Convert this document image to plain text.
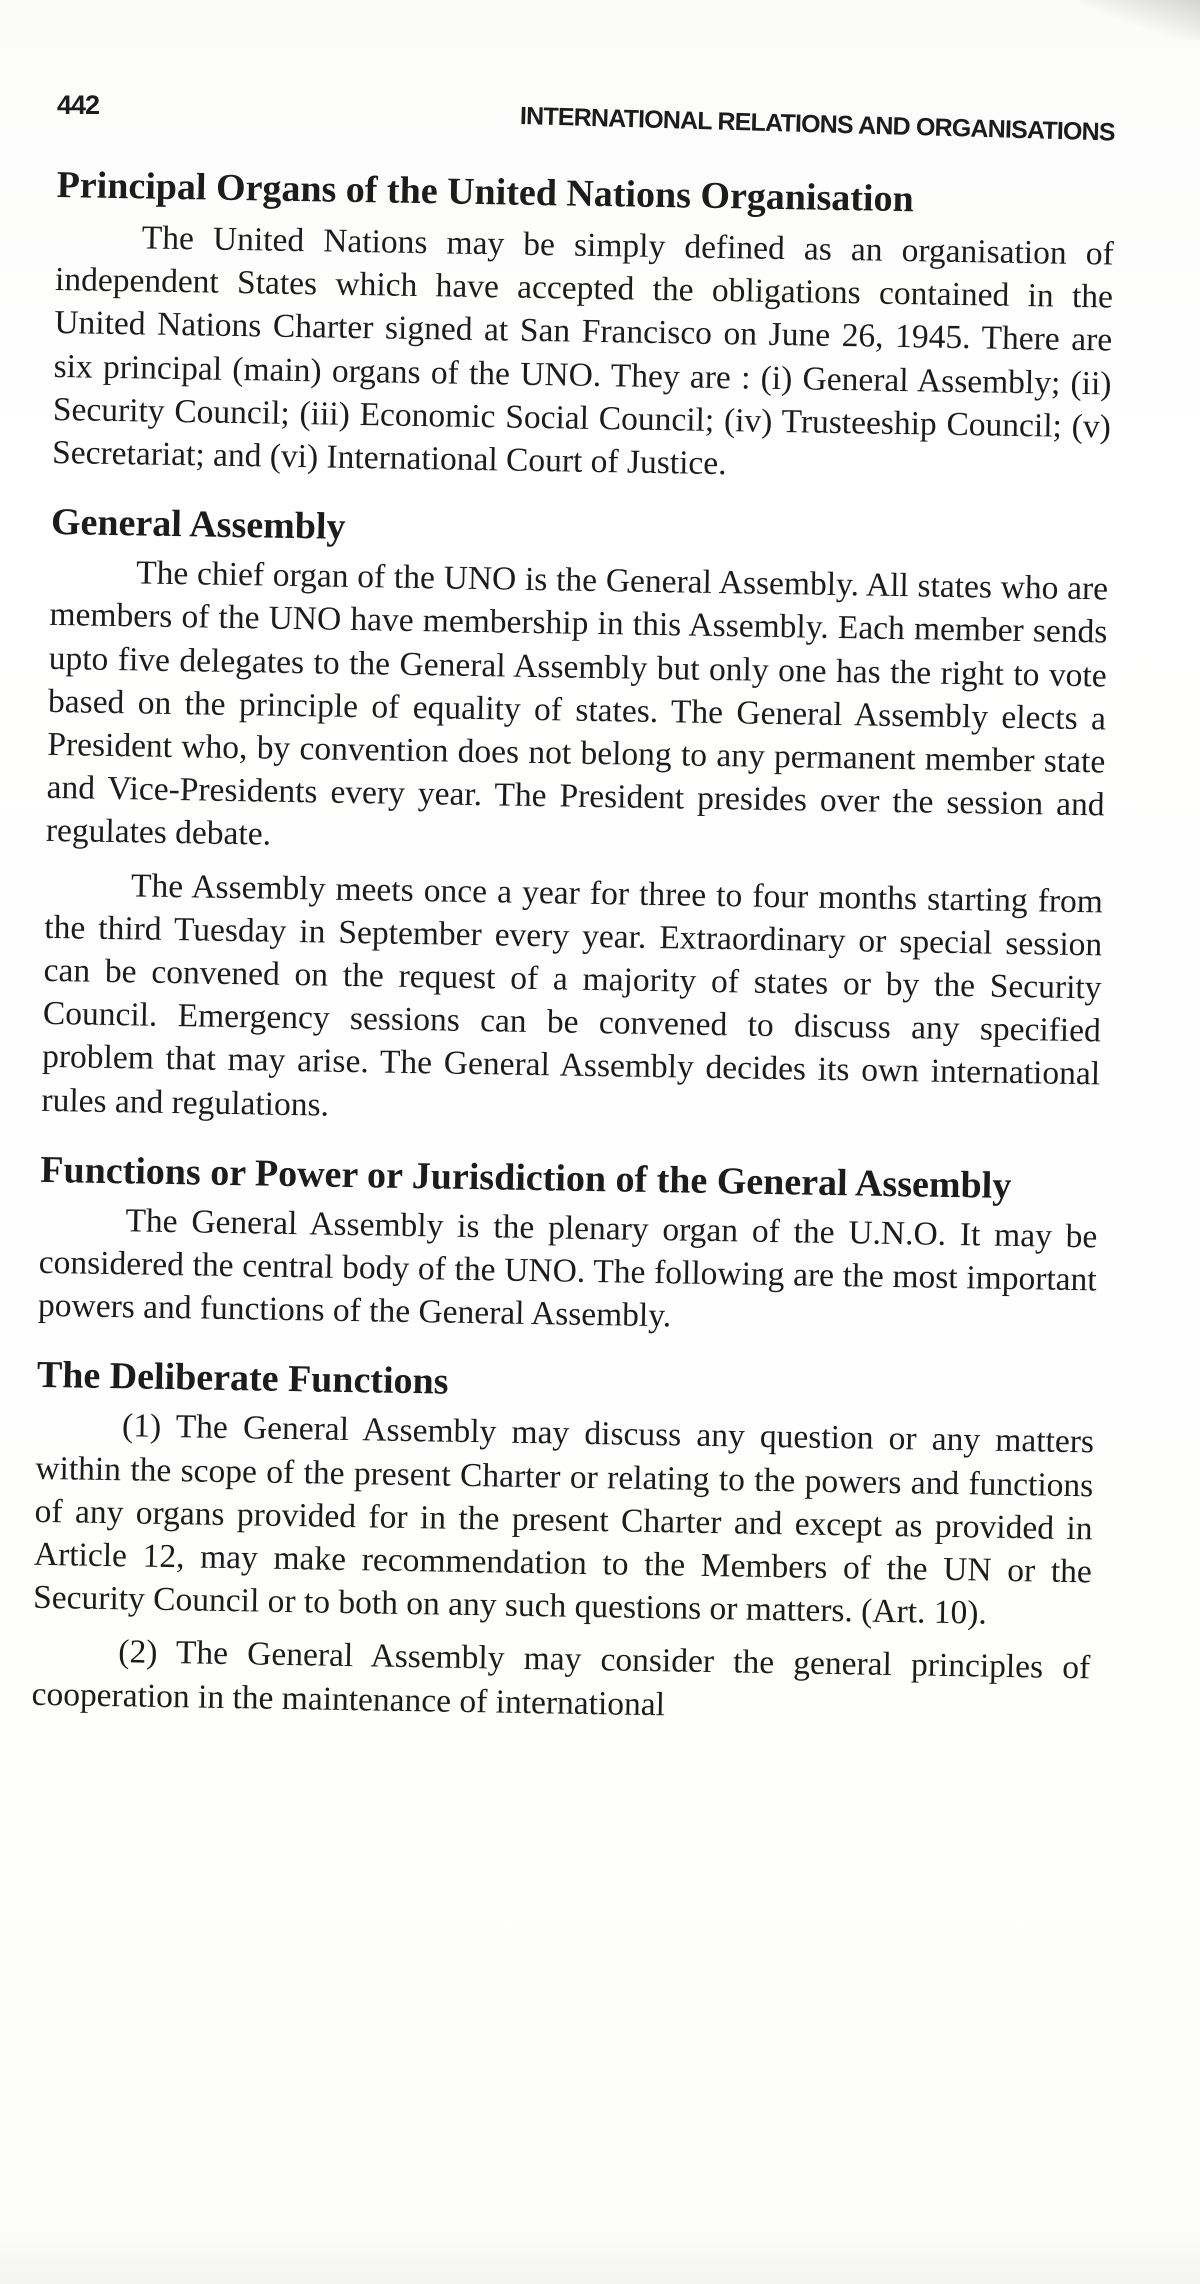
442	INTERNATIONAL RELATIONS AND ORGANISATIONS
Principal Organs of the United Nations Organisation

The United Nations may be simply defined as an organisation of independent States which have accepted the obligations contained in the United Nations Charter signed at San Francisco on June 26, 1945. There are six principal (main) organs of the UNO. They are : (i) General Assembly; (ii) Security Council; (iii) Economic Social Council; (iv) Trusteeship Council; (v) Secretariat; and (vi) International Court of Justice.

General Assembly

The chief organ of the UNO is the General Assembly. All states who are members of the UNO have membership in this Assembly. Each member sends upto five delegates to the General Assembly but only one has the right to vote based on the principle of equality of states. The General Assembly elects a President who, by convention does not belong to any permanent member state and Vice-Presidents every year. The President presides over the session and regulates debate.

The Assembly meets once a year for three to four months starting from the third Tuesday in September every year. Extraordinary or special session can be convened on the request of a majority of states or by the Security Council. Emergency sessions can be convened to discuss any specified problem that may arise. The General Assembly decides its own international rules and regulations.

Functions or Power or Jurisdiction of the General Assembly

The General Assembly is the plenary organ of the U.N.O. It may be considered the central body of the UNO. The following are the most important powers and functions of the General Assembly.

The Deliberate Functions

(1) The General Assembly may discuss any question or any matters within the scope of the present Charter or relating to the powers and functions of any organs provided for in the present Charter and except as provided in Article 12, may make recommendation to the Members of the UN or the Security Council or to both on any such questions or matters. (Art. 10).

(2) The General Assembly may consider the general principles of cooperation in the maintenance of international
